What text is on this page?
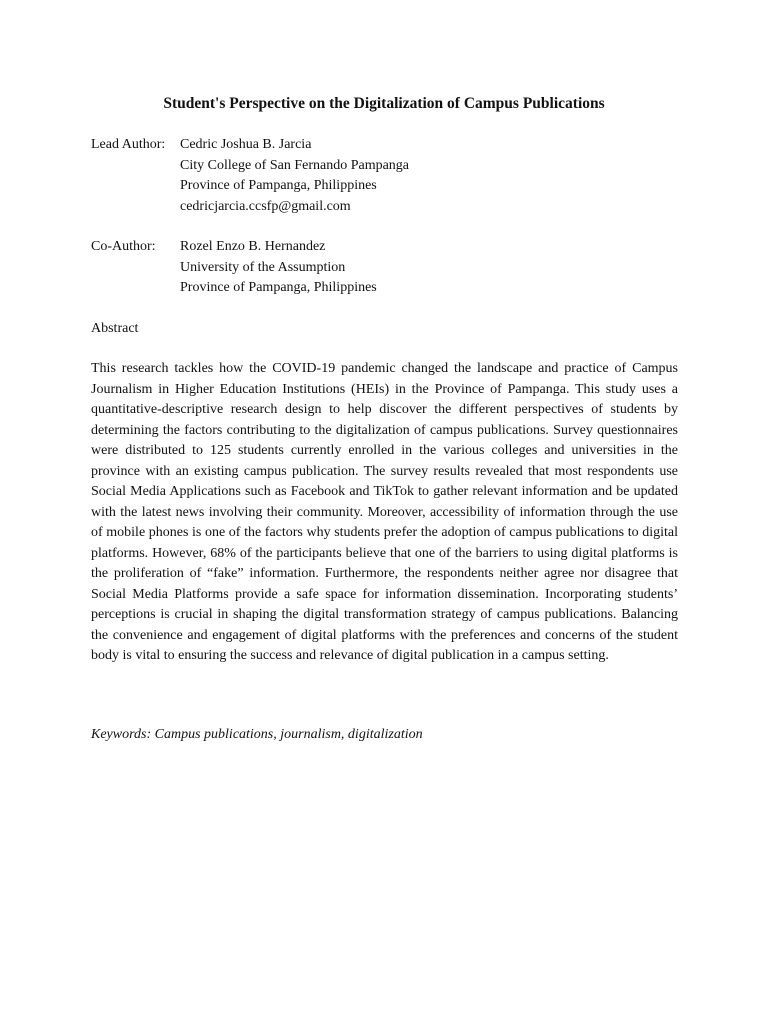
Student's Perspective on the Digitalization of Campus Publications
Lead Author:	Cedric Joshua B. Jarcia
City College of San Fernando Pampanga
Province of Pampanga, Philippines
cedricjarcia.ccsfp@gmail.com
Co-Author:	Rozel Enzo B. Hernandez
University of the Assumption
Province of Pampanga, Philippines
Abstract
This research tackles how the COVID-19 pandemic changed the landscape and practice of Campus Journalism in Higher Education Institutions (HEIs) in the Province of Pampanga. This study uses a quantitative-descriptive research design to help discover the different perspectives of students by determining the factors contributing to the digitalization of campus publications. Survey questionnaires were distributed to 125 students currently enrolled in the various colleges and universities in the province with an existing campus publication. The survey results revealed that most respondents use Social Media Applications such as Facebook and TikTok to gather relevant information and be updated with the latest news involving their community. Moreover, accessibility of information through the use of mobile phones is one of the factors why students prefer the adoption of campus publications to digital platforms. However, 68% of the participants believe that one of the barriers to using digital platforms is the proliferation of “fake” information. Furthermore, the respondents neither agree nor disagree that Social Media Platforms provide a safe space for information dissemination. Incorporating students’ perceptions is crucial in shaping the digital transformation strategy of campus publications. Balancing the convenience and engagement of digital platforms with the preferences and concerns of the student body is vital to ensuring the success and relevance of digital publication in a campus setting.
Keywords: Campus publications, journalism, digitalization
